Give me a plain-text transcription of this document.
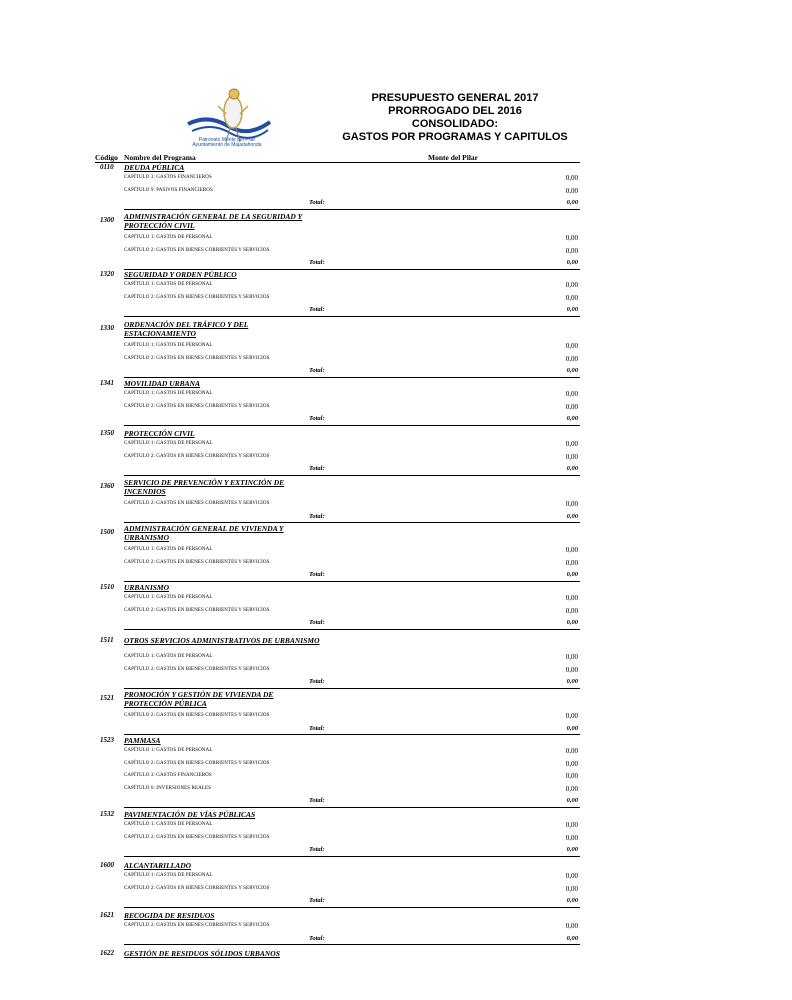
Patronato Monte del Pilar
Ayuntamiento de Majadahonda
PRESUPUESTO GENERAL 2017
PRORROGADO DEL 2016
CONSOLIDADO:
GASTOS POR PROGRAMAS Y CAPITULOS
Código Nombre del Programa	Monte del Pilar
0110	DEUDA PÚBLICA
CAPÍTULO 3: GASTOS FINANCIEROS	0,00
CAPÍTULO 9: PASIVOS FINANCIEROS	0,00
Total:	0,00
1300	ADMINISTRACIÓN GENERAL DE LA SEGURIDAD Y
PROTECCIÓN CIVIL
CAPÍTULO 1: GASTOS DE PERSONAL	0,00
CAPÍTULO 2: GASTOS EN BIENES CORRIENTES Y SERVICIOS	0,00
Total:	0,00
1320	SEGURIDAD Y ORDEN PÚBLICO
CAPÍTULO 1: GASTOS DE PERSONAL	0,00
CAPÍTULO 2: GASTOS EN BIENES CORRIENTES Y SERVICIOS	0,00
Total:	0,00
1330	ORDENACIÓN DEL TRÁFICO Y DEL
ESTACIONAMIENTO
CAPÍTULO 1: GASTOS DE PERSONAL	0,00
CAPÍTULO 2: GASTOS EN BIENES CORRIENTES Y SERVICIOS	0,00
Total:	0,00
1341	MOVILIDAD URBANA
CAPÍTULO 1: GASTOS DE PERSONAL	0,00
CAPÍTULO 2: GASTOS EN BIENES CORRIENTES Y SERVICIOS	0,00
Total:	0,00
1350	PROTECCIÓN CIVIL
CAPÍTULO 1: GASTOS DE PERSONAL	0,00
CAPÍTULO 2: GASTOS EN BIENES CORRIENTES Y SERVICIOS	0,00
Total:	0,00
1360	SERVICIO DE PREVENCIÓN Y EXTINCIÓN DE
INCENDIOS
CAPÍTULO 2: GASTOS EN BIENES CORRIENTES Y SERVICIOS	0,00
Total:	0,00
1500	ADMINISTRACIÓN GENERAL DE VIVIENDA Y
URBANISMO
CAPÍTULO 1: GASTOS DE PERSONAL	0,00
CAPÍTULO 2: GASTOS EN BIENES CORRIENTES Y SERVICIOS	0,00
Total:	0,00
1510	URBANISMO
CAPÍTULO 1: GASTOS DE PERSONAL	0,00
CAPÍTULO 2: GASTOS EN BIENES CORRIENTES Y SERVICIOS	0,00
Total:	0,00
1511	OTROS SERVICIOS ADMINISTRATIVOS DE URBANISMO
CAPÍTULO 1: GASTOS DE PERSONAL	0,00
CAPÍTULO 2: GASTOS EN BIENES CORRIENTES Y SERVICIOS	0,00
Total:	0,00
1521	PROMOCIÓN Y GESTIÓN DE VIVIENDA DE
PROTECCIÓN PÚBLICA
CAPÍTULO 2: GASTOS EN BIENES CORRIENTES Y SERVICIOS	0,00
Total:	0,00
1523	PAMMASA
CAPÍTULO 1: GASTOS DE PERSONAL	0,00
CAPÍTULO 2: GASTOS EN BIENES CORRIENTES Y SERVICIOS	0,00
CAPÍTULO 3: GASTOS FINANCIEROS	0,00
CAPÍTULO 6: INVERSIONES REALES	0,00
Total:	0,00
1532	PAVIMENTACIÓN DE VÍAS PÚBLICAS
CAPÍTULO 1: GASTOS DE PERSONAL	0,00
CAPÍTULO 2: GASTOS EN BIENES CORRIENTES Y SERVICIOS	0,00
Total:	0,00
1600	ALCANTARILLADO
CAPÍTULO 1: GASTOS DE PERSONAL	0,00
CAPÍTULO 2: GASTOS EN BIENES CORRIENTES Y SERVICIOS	0,00
Total:	0,00
1621	RECOGIDA DE RESIDUOS
CAPÍTULO 2: GASTOS EN BIENES CORRIENTES Y SERVICIOS	0,00
Total:	0,00
1622	GESTIÓN DE RESIDUOS SÓLIDOS URBANOS
